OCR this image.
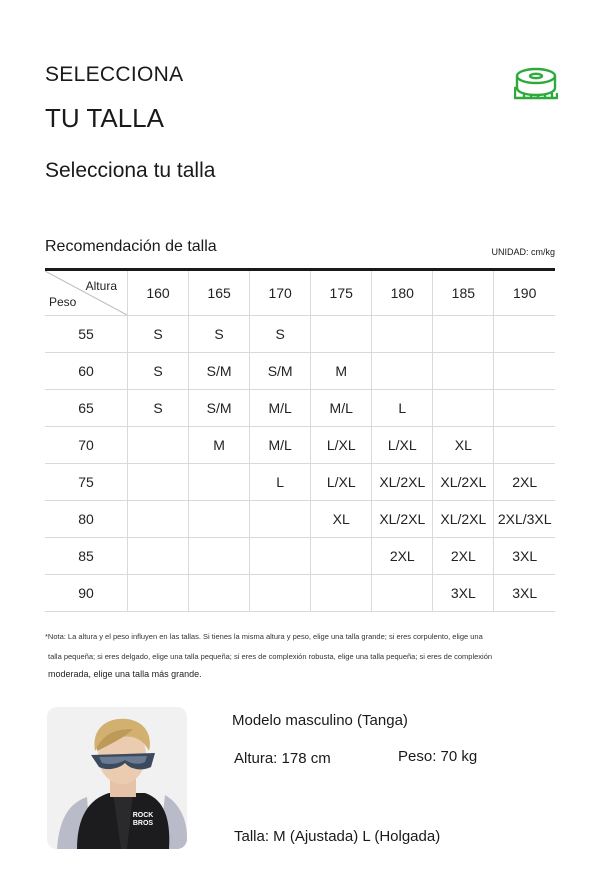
SELECCIONA
TU TALLA
Selecciona tu talla
Recomendación de talla	UNIDAD: cm/kg
Altura
Peso	160	165	170	175	180	185	190
55	S	S	S				
60	S	S/M	S/M	M			
65	S	S/M	M/L	M/L	L		
70		M	M/L	L/XL	L/XL	XL	
75			L	L/XL	XL/2XL	XL/2XL	2XL
80				XL	XL/2XL	XL/2XL	2XL/3XL
85					2XL	2XL	3XL
90						3XL	3XL
*Nota: La altura y el peso influyen en las tallas. Si tienes la misma altura y peso, elige una talla grande; si eres corpulento, elige una
talla pequeña; si eres delgado, elige una talla pequeña; si eres de complexión robusta, elige una talla pequeña; si eres de complexión
moderada, elige una talla más grande.
ROCK
BROS
Modelo masculino (Tanga)
Altura: 178 cm	Peso: 70 kg
Talla: M (Ajustada) L (Holgada)
